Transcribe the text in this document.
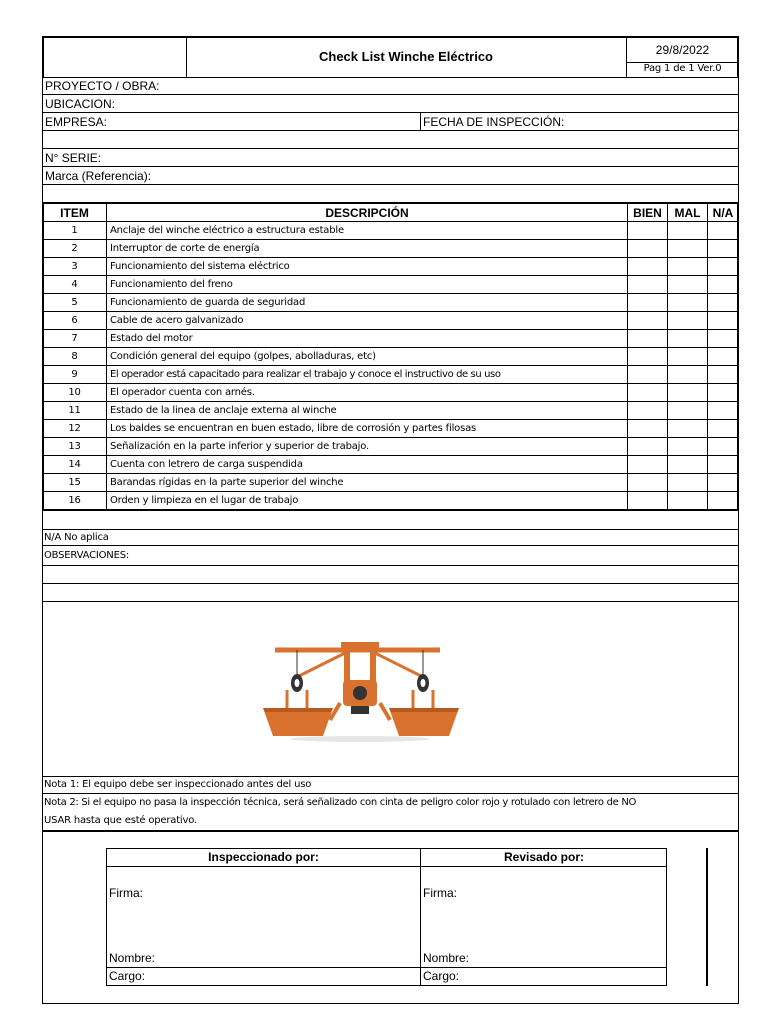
Check List Winche Eléctrico	29/8/2022
Pag 1 de 1 Ver.0
PROYECTO / OBRA:
UBICACION:
EMPRESA:	FECHA DE INSPECCIÓN:
N° SERIE:
Marca (Referencia):
ITEM	DESCRIPCIÓN	BIEN	MAL	N/A
1	Anclaje del winche eléctrico a estructura estable
2	Interruptor de corte de energía
3	Funcionamiento del sistema eléctrico
4	Funcionamiento del freno
5	Funcionamiento de guarda de seguridad
6	Cable de acero galvanizado
7	Estado del motor
8	Condición general del equipo (golpes, abolladuras, etc)
9	El operador está capacitado para realizar el trabajo y conoce el instructivo de su uso
10	El operador cuenta con arnés.
11	Estado de la linea de anclaje externa al winche
12	Los baldes se encuentran en buen estado, libre de corrosión y partes filosas
13	Señalización en la parte inferior y superior de trabajo.
14	Cuenta con letrero de carga suspendida
15	Barandas rígidas en la parte superior del winche
16	Orden y limpieza en el lugar de trabajo
N/A No aplica
OBSERVACIONES:
Nota 1: El equipo debe ser inspeccionado antes del uso
Nota 2: Si el equipo no pasa la inspección técnica, será señalizado con cinta de peligro color rojo y rotulado con letrero de NO
USAR hasta que esté operativo.
Inspeccionado por:	Revisado por:
Firma:	Firma:
Nombre:	Nombre:
Cargo:	Cargo:
